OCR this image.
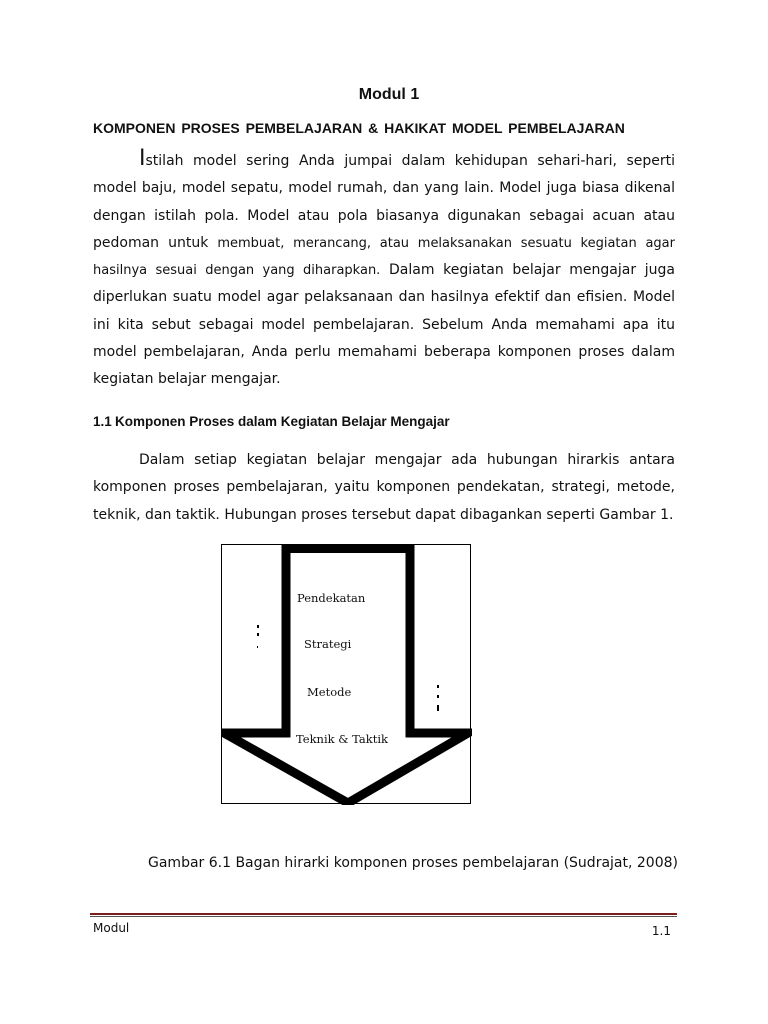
Modul 1
KOMPONEN PROSES PEMBELAJARAN & HAKIKAT MODEL PEMBELAJARAN

Istilah model sering Anda jumpai dalam kehidupan sehari-hari, seperti
model baju, model sepatu, model rumah, dan yang lain. Model juga biasa dikenal dengan istilah pola. Model atau pola biasanya digunakan sebagai acuan atau pedoman untuk membuat, merancang, atau melaksanakan sesuatu kegiatan agar hasilnya sesuai dengan yang diharapkan. Dalam kegiatan belajar mengajar juga diperlukan suatu model agar pelaksanaan dan hasilnya efektif dan efisien. Model ini kita sebut sebagai model pembelajaran. Sebelum Anda memahami apa itu model pembelajaran, Anda perlu memahami beberapa komponen proses dalam kegiatan belajar mengajar.

1.1 Komponen Proses dalam Kegiatan Belajar Mengajar

Dalam setiap kegiatan belajar mengajar ada hubungan hirarkis antara
komponen proses pembelajaran, yaitu komponen pendekatan, strategi, metode, teknik, dan taktik. Hubungan proses tersebut dapat dibagankan seperti Gambar 1.

Pendekatan
Strategi
Metode
Teknik & Taktik

Gambar 6.1 Bagan hirarki komponen proses pembelajaran (Sudrajat, 2008)

Modul	1.1
